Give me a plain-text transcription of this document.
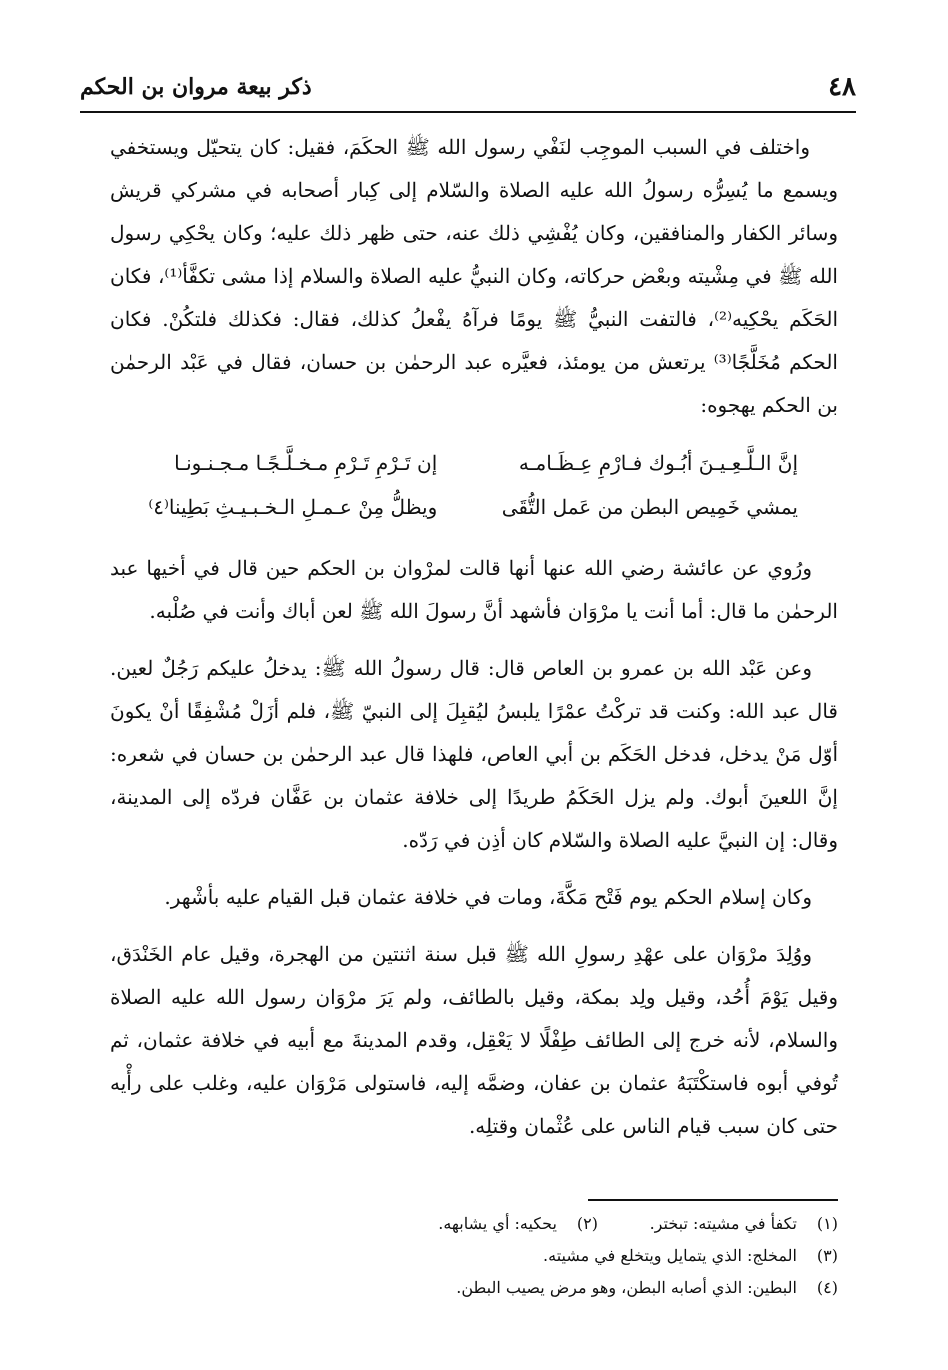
٤٨
ذكر بيعة مروان بن الحكم

واختلف في السبب الموجِب لنَفْي رسول الله ﷺ الحكَمَ، فقيل: كان يتحيّل ويستخفي ويسمع ما يُسِرُّه رسولُ الله عليه الصلاة والسّلام إلى كِبار أصحابه في مشركي قريش وسائر الكفار والمنافقين، وكان يُفْشِي ذلك عنه، حتى ظهر ذلك عليه؛ وكان يحْكِي رسول الله ﷺ في مِشْيته وبعْض حركاته، وكان النبيُّ عليه الصلاة والسلام إذا مشى تكفَّأ⁽¹⁾، فكان الحَكَم يحْكِيه⁽²⁾، فالتفت النبيُّ ﷺ يومًا فرآهُ يفْعلُ كذلك، فقال: فكذلك فلتكُنْ. فكان الحكم مُخَلَّجًا⁽³⁾ يرتعش من يومئذ، فعيَّره عبد الرحمٰن بن حسان، فقال في عَبْد الرحمٰن بن الحكم يهجوه:

إنَّ الـلَّـعِـيـنَ أبُـوك فـارْمِ عِـظَـامـه
إن تَـرْمِ تَـرْمِ مـخـلَّـجًـا مـجـنـونـا
يمشي خَمِيص البطن من عَمل التُّقَى
ويظلُّ مِنْ عـمـلِ الـخـبـيـثِ بَطِينا⁽٤⁾

ورُوي عن عائشة رضي الله عنها أنها قالت لمرْوان بن الحكم حين قال في أخيها عبد الرحمٰن ما قال: أما أنت يا مرْوَان فأشهد أنَّ رسولَ الله ﷺ لعن أباك وأنت في صُلْبه.

وعن عَبْد الله بن عمرو بن العاص قال: قال رسولُ الله ﷺ: يدخلُ عليكم رَجُلٌ لعين. قال عبد الله: وكنت قد تركْتُ عمْرًا يلبسُ ليُقبِلَ إلى النبيّ ﷺ، فلم أزَلْ مُشْفِقًا أنْ يكونَ أوّل مَنْ يدخل، فدخل الحَكَم بن أبي العاص، فلهذا قال عبد الرحمٰن بن حسان في شعره: إنَّ اللعينَ أبوك. ولم يزل الحَكَمُ طريدًا إلى خلافة عثمان بن عَفَّان فردّه إلى المدينة، وقال: إن النبيَّ عليه الصلاة والسّلام كان أذِن في رَدّه.

وكان إسلام الحكم يوم فَتْح مَكَّةَ، ومات في خلافة عثمان قبل القيام عليه بأشْهر.

ووُلِدَ مرْوَان على عهْدِ رسولِ الله ﷺ قبل سنة اثنتين من الهجرة، وقيل عام الخَنْدَق، وقيل يَوْمَ أُحُد، وقيل ولِد بمكة، وقيل بالطائف، ولم يَرَ مرْوَان رسول الله عليه الصلاة والسلام، لأنه خرج إلى الطائف طِفْلًا لا يَعْقِل، وقدم المدينةَ مع أبيه في خلافة عثمان، ثم تُوفي أبوه فاستكْتَبَهُ عثمان بن عفان، وضمَّه إليه، فاستولى مَرْوَان عليه، وغلب على رأْيه حتى كان سبب قيام الناس على عُثْمان وقتلِه.

(١) تكفأ في مشيته: تبختر.
(٢) يحكيه: أي يشابهه.
(٣) المخلج: الذي يتمايل ويتخلع في مشيته.
(٤) البطين: الذي أصابه البطن، وهو مرض يصيب البطن.
